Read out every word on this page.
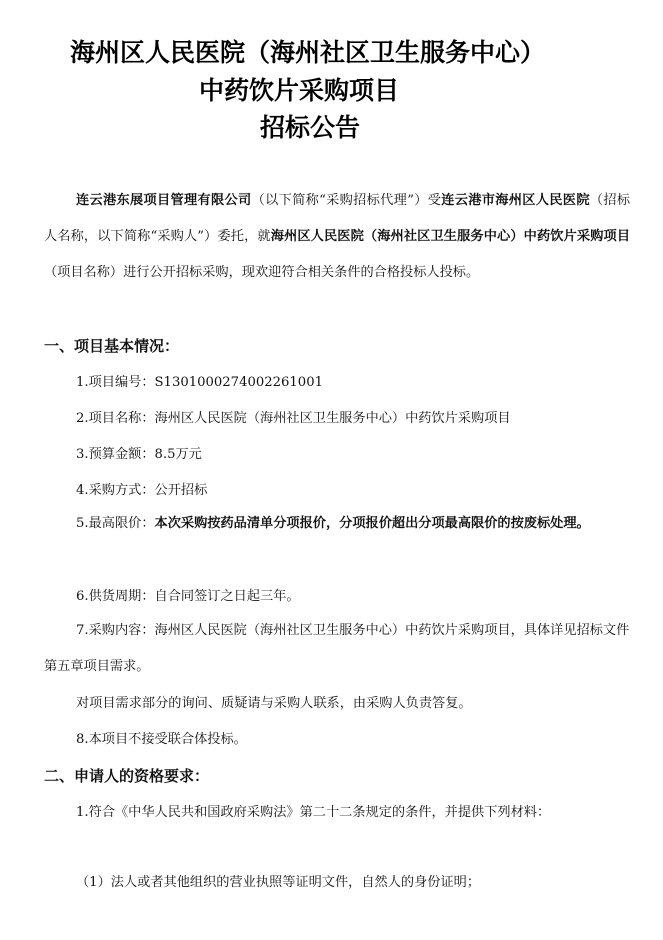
海州区人民医院（海州社区卫生服务中心）
中药饮片采购项目
招标公告
连云港东展项目管理有限公司（以下简称“采购招标代理”）受连云港市海州区人民医院（招标人名称，以下简称“采购人”）委托，就海州区人民医院（海州社区卫生服务中心）中药饮片采购项目（项目名称）进行公开招标采购，现欢迎符合相关条件的合格投标人投标。
一、项目基本情况：
1.项目编号：S1301000274002261001
2.项目名称：海州区人民医院（海州社区卫生服务中心）中药饮片采购项目
3.预算金额：8.5万元
4.采购方式：公开招标
5.最高限价：本次采购按药品清单分项报价，分项报价超出分项最高限价的按废标处理。
6.供货周期：自合同签订之日起三年。
7.采购内容：海州区人民医院（海州社区卫生服务中心）中药饮片采购项目，具体详见招标文件第五章项目需求。
对项目需求部分的询问、质疑请与采购人联系，由采购人负责答复。
8.本项目不接受联合体投标。
二、申请人的资格要求：
1.符合《中华人民共和国政府采购法》第二十二条规定的条件，并提供下列材料：
（1）法人或者其他组织的营业执照等证明文件，自然人的身份证明；
